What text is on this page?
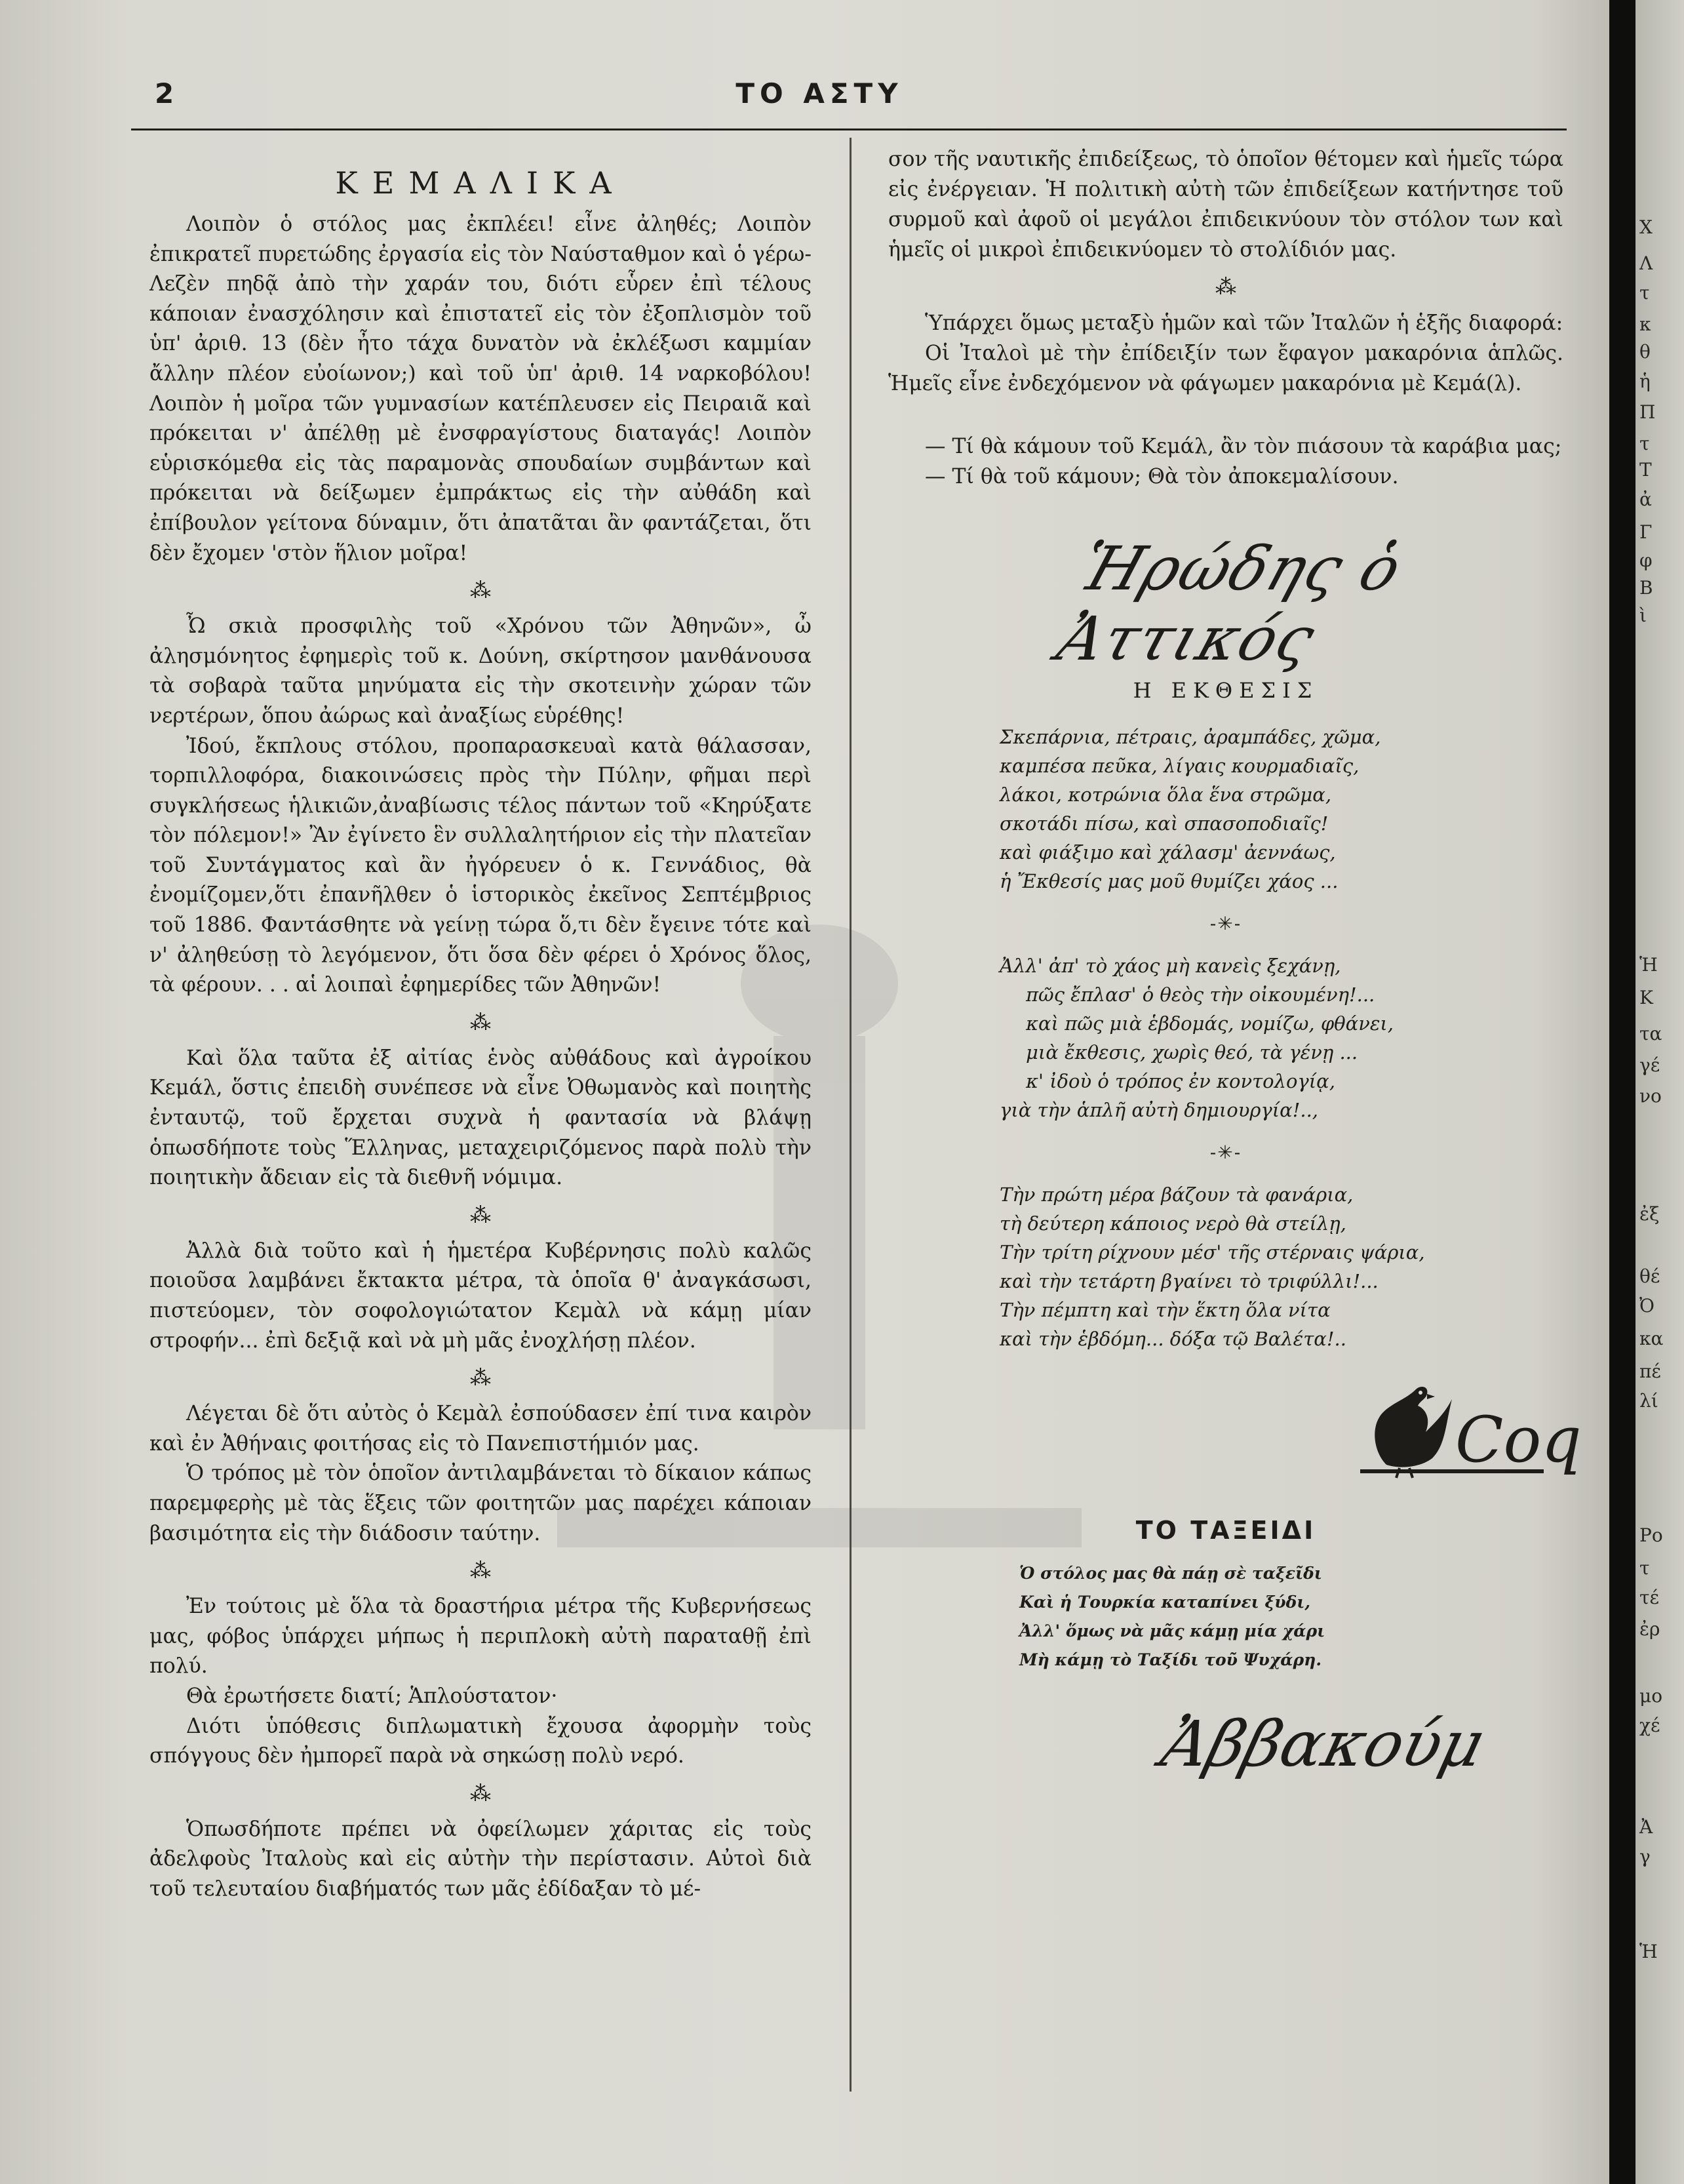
2	ΤΟ ΑΣΤΥ
ΚΕΜΑΛΙΚΑ

Λοιπὸν ὁ στόλος μας ἐκπλέει! εἶνε ἀληθές; Λοιπὸν ἐπικρατεῖ πυρετώδης ἐργασία εἰς τὸν Ναύσταθμον καὶ ὁ γέρω-Λεζὲν πηδᾷ ἀπὸ τὴν χαράν του, διότι εὗρεν ἐπὶ τέλους κάποιαν ἐνασχόλησιν καὶ ἐπιστατεῖ εἰς τὸν ἐξοπλισμὸν τοῦ ὑπ' ἀριθ. 13 (δὲν ἦτο τάχα δυνατὸν νὰ ἐκλέξωσι καμμίαν ἄλλην πλέον εὐοίωνον;) καὶ τοῦ ὑπ' ἀριθ. 14 ναρκοβόλου! Λοιπὸν ἡ μοῖρα τῶν γυμνασίων κατέπλευσεν εἰς Πειραιᾶ καὶ πρόκειται ν' ἀπέλθῃ μὲ ἐνσφραγίστους διαταγάς! Λοιπὸν εὑρισκόμεθα εἰς τὰς παραμονὰς σπουδαίων συμβάντων καὶ πρόκειται νὰ δείξωμεν ἐμπράκτως εἰς τὴν αὐθάδη καὶ ἐπίβουλον γείτονα δύναμιν, ὅτι ἀπατᾶται ἂν φαντάζεται, ὅτι δὲν ἔχομεν 'στὸν ἥλιον μοῖρα!

⁂

Ὦ σκιὰ προσφιλὴς τοῦ «Χρόνου τῶν Ἀθηνῶν», ὦ ἀλησμόνητος ἐφημερὶς τοῦ κ. Δούνη, σκίρτησον μανθάνουσα τὰ σοβαρὰ ταῦτα μηνύματα εἰς τὴν σκοτεινὴν χώραν τῶν νερτέρων, ὅπου ἀώρως καὶ ἀναξίως εὑρέθης!

Ἰδού, ἔκπλους στόλου, προπαρασκευαὶ κατὰ θάλασσαν, τορπιλλοφόρα, διακοινώσεις πρὸς τὴν Πύλην, φῆμαι περὶ συγκλήσεως ἡλικιῶν,ἀναβίωσις τέλος πάντων τοῦ «Κηρύξατε τὸν πόλεμον!» Ἂν ἐγίνετο ἓν συλλαλητήριον εἰς τὴν πλατεῖαν τοῦ Συντάγματος καὶ ἂν ἠγόρευεν ὁ κ. Γεννάδιος, θὰ ἐνομίζομεν,ὅτι ἐπανῆλθεν ὁ ἱστορικὸς ἐκεῖνος Σεπτέμβριος τοῦ 1886. Φαντάσθητε νὰ γείνῃ τώρα ὅ,τι δὲν ἔγεινε τότε καὶ ν' ἀληθεύσῃ τὸ λεγόμενον, ὅτι ὅσα δὲν φέρει ὁ Χρόνος ὅλος, τὰ φέρουν. . . αἱ λοιπαὶ ἐφημερίδες τῶν Ἀθηνῶν!

⁂

Καὶ ὅλα ταῦτα ἐξ αἰτίας ἑνὸς αὐθάδους καὶ ἀγροίκου Κεμάλ, ὅστις ἐπειδὴ συνέπεσε νὰ εἶνε Ὀθωμανὸς καὶ ποιητὴς ἐνταυτῷ, τοῦ ἔρχεται συχνὰ ἡ φαντασία νὰ βλάψῃ ὁπωσδήποτε τοὺς Ἕλληνας, μεταχειριζόμενος παρὰ πολὺ τὴν ποιητικὴν ἄδειαν εἰς τὰ διεθνῆ νόμιμα.

⁂

Ἀλλὰ διὰ τοῦτο καὶ ἡ ἡμετέρα Κυβέρνησις πολὺ καλῶς ποιοῦσα λαμβάνει ἔκτακτα μέτρα, τὰ ὁποῖα θ' ἀναγκάσωσι, πιστεύομεν, τὸν σοφολογιώτατον Κεμὰλ νὰ κάμῃ μίαν στροφήν... ἐπὶ δεξιᾷ καὶ νὰ μὴ μᾶς ἐνοχλήσῃ πλέον.

⁂

Λέγεται δὲ ὅτι αὐτὸς ὁ Κεμὰλ ἐσπούδασεν ἐπί τινα καιρὸν καὶ ἐν Ἀθήναις φοιτήσας εἰς τὸ Πανεπιστήμιόν μας.

Ὁ τρόπος μὲ τὸν ὁποῖον ἀντιλαμβάνεται τὸ δίκαιον κάπως παρεμφερὴς μὲ τὰς ἕξεις τῶν φοιτητῶν μας παρέχει κάποιαν βασιμότητα εἰς τὴν διάδοσιν ταύτην.

⁂

Ἐν τούτοις μὲ ὅλα τὰ δραστήρια μέτρα τῆς Κυβερνήσεως μας, φόβος ὑπάρχει μήπως ἡ περιπλοκὴ αὐτὴ παραταθῇ ἐπὶ πολύ.

Θὰ ἐρωτήσετε διατί; Ἁπλούστατον·

Διότι ὑπόθεσις διπλωματικὴ ἔχουσα ἀφορμὴν τοὺς σπόγγους δὲν ἠμπορεῖ παρὰ νὰ σηκώσῃ πολὺ νερό.

⁂

Ὁπωσδήποτε πρέπει νὰ ὀφείλωμεν χάριτας εἰς τοὺς ἀδελφοὺς Ἰταλοὺς καὶ εἰς αὐτὴν τὴν περίστασιν. Αὐτοὶ διὰ τοῦ τελευταίου διαβήματός των μᾶς ἐδίδαξαν τὸ μέ-

σον τῆς ναυτικῆς ἐπιδείξεως, τὸ ὁποῖον θέτομεν καὶ ἡμεῖς τώρα εἰς ἐνέργειαν. Ἡ πολιτικὴ αὐτὴ τῶν ἐπιδείξεων κατήντησε τοῦ συρμοῦ καὶ ἀφοῦ οἱ μεγάλοι ἐπιδεικνύουν τὸν στόλον των καὶ ἡμεῖς οἱ μικροὶ ἐπιδεικνύομεν τὸ στολίδιόν μας.

⁂

Ὑπάρχει ὅμως μεταξὺ ἡμῶν καὶ τῶν Ἰταλῶν ἡ ἑξῆς διαφορά:

Οἱ Ἰταλοὶ μὲ τὴν ἐπίδειξίν των ἔφαγον μακαρόνια ἁπλῶς. Ἡμεῖς εἶνε ἐνδεχόμενον νὰ φάγωμεν μακαρόνια μὲ Κεμά(λ).

— Τί θὰ κάμουν τοῦ Κεμάλ, ἂν τὸν πιάσουν τὰ καράβια μας;

— Τί θὰ τοῦ κάμουν; Θὰ τὸν ἀποκεμαλίσουν.

Ἡρώδης ὁ Ἀττικός
Η ΕΚΘΕΣΙΣ
Σκεπάρνια, πέτραις, ἀραμπάδες, χῶμα,
καμπέσα πεῦκα, λίγαις κουρμαδιαῖς,
λάκοι, κοτρώνια ὅλα ἕνα στρῶμα,
σκοτάδι πίσω, καὶ σπασοποδιαῖς!
καὶ φιάξιμο καὶ χάλασμ' ἀεννάως,
ἡ Ἔκθεσίς μας μοῦ θυμίζει χάος ...
-✳-
Ἀλλ' ἀπ' τὸ χάος μὴ κανεὶς ξεχάνῃ,
πῶς ἔπλασ' ὁ θεὸς τὴν οἰκουμένη!...
καὶ πῶς μιὰ ἑβδομάς, νομίζω, φθάνει,
μιὰ ἔκθεσις, χωρὶς θεό, τὰ γένῃ ...
κ' ἰδοὺ ὁ τρόπος ἐν κοντολογίᾳ,
γιὰ τὴν ἁπλῆ αὐτὴ δημιουργία!..,
-✳-
Τὴν πρώτη μέρα βάζουν τὰ φανάρια,
τὴ δεύτερη κάποιος νερὸ θὰ στείλῃ,
Τὴν τρίτη ρίχνουν μέσ' τῆς στέρναις ψάρια,
καὶ τὴν τετάρτη βγαίνει τὸ τριφύλλι!...
Τὴν πέμπτη καὶ τὴν ἕκτη ὅλα νίτα
καὶ τὴν ἑβδόμη... δόξα τῷ Βαλέτα!..
Coq
ΤΟ ΤΑΞΕΙΔΙ
Ὁ στόλος μας θὰ πάῃ σὲ ταξεῖδι
Καὶ ἡ Τουρκία καταπίνει ξύδι,
Ἀλλ' ὅμως νὰ μᾶς κάμῃ μία χάρι
Μὴ κάμῃ τὸ Ταξίδι τοῦ Ψυχάρη.
Ἀββακούμ
Χ
Λ
τ
κ
θ
ἡ
Π
τ
Τ
ἀ
Γ
φ
Β
ὶ
Ἡ
Κ
τα
γέ
νο
ἐξ
θέ
Ὀ
κα
πέ
λί
Ρο
τ
τέ
ἐρ
μο
χέ
Ἀ
γ
Ἡ
